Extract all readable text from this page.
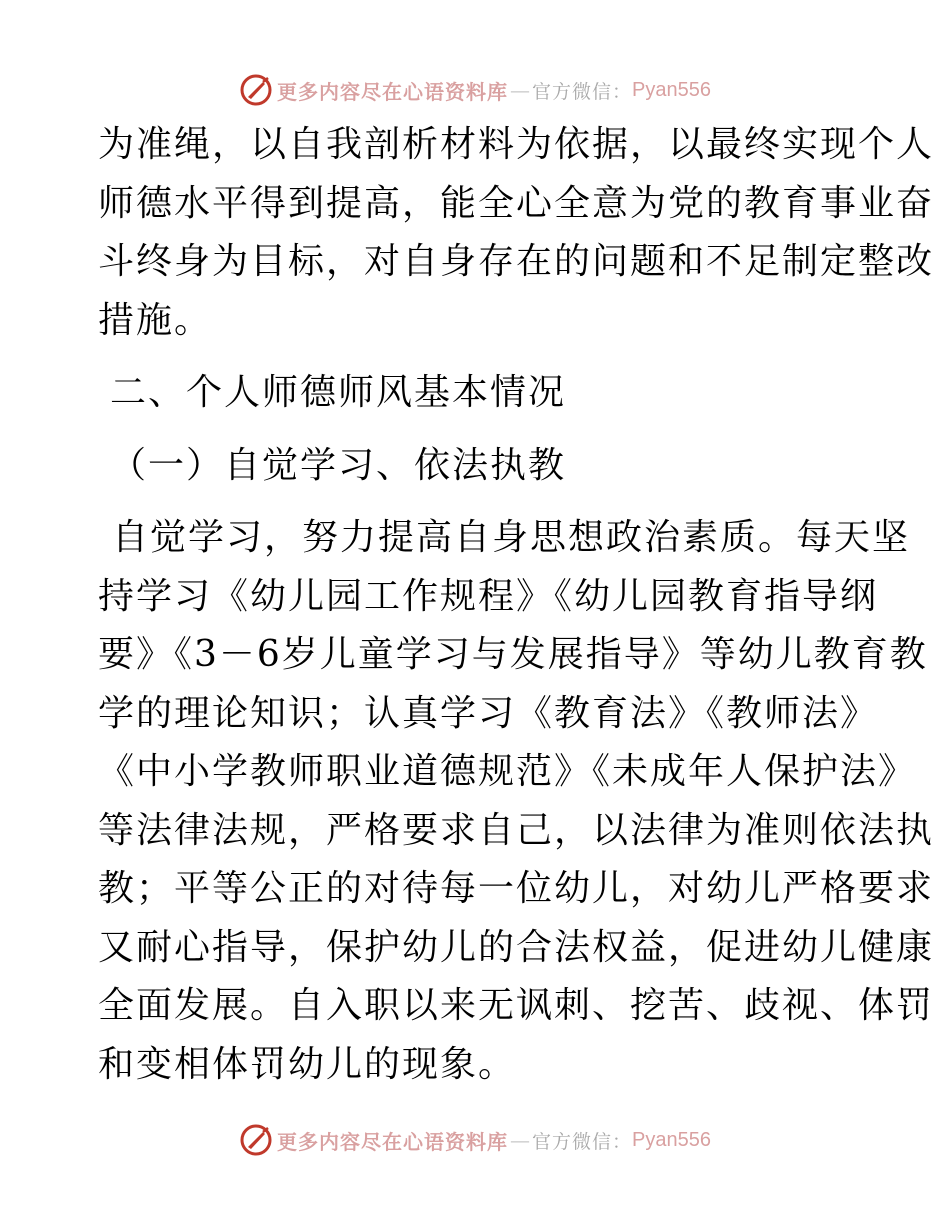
更多内容尽在心语资料库 — 官方微信： Pyan556
为准绳，以自我剖析材料为依据，以最终实现个人
师德水平得到提高，能全心全意为党的教育事业奋
斗终身为目标，对自身存在的问题和不足制定整改
措施。
二、个人师德师风基本情况
（一）自觉学习、依法执教
自觉学习，努力提高自身思想政治素质。每天坚
持学习《幼儿园工作规程》《幼儿园教育指导纲
要》《3－6岁儿童学习与发展指导》等幼儿教育教
学的理论知识；认真学习《教育法》《教师法》
《中小学教师职业道德规范》《未成年人保护法》
等法律法规，严格要求自己，以法律为准则依法执
教；平等公正的对待每一位幼儿，对幼儿严格要求
又耐心指导，保护幼儿的合法权益，促进幼儿健康
全面发展。自入职以来无讽刺、挖苦、歧视、体罚
和变相体罚幼儿的现象。
更多内容尽在心语资料库 — 官方微信： Pyan556
